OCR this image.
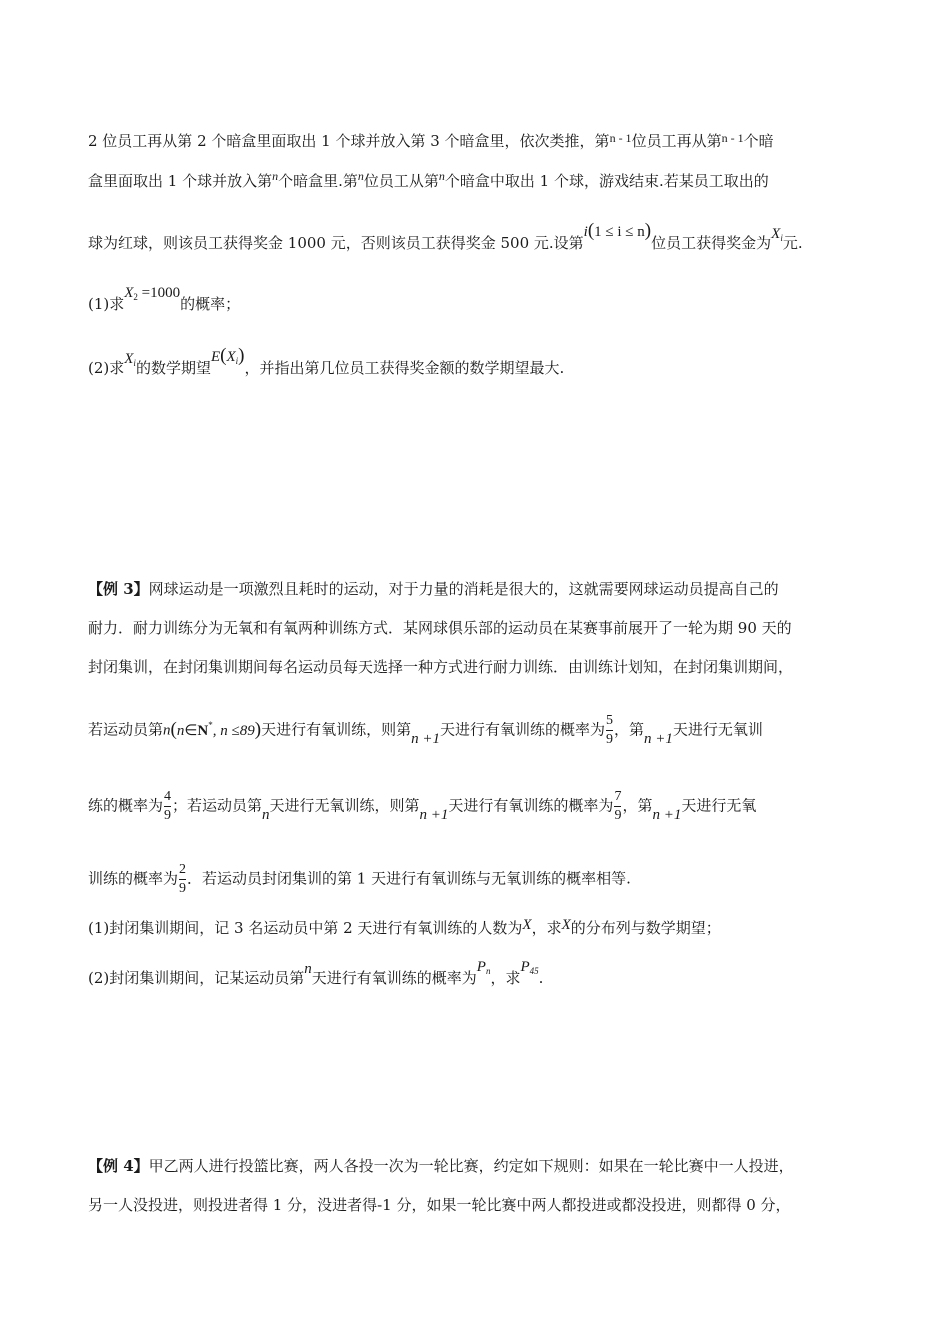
2 位员工再从第 2 个暗盒里面取出 1 个球并放入第 3 个暗盒里，依次类推，第$^{n - 1}$位员工再从第$^{n - 1}$个暗
盒里面取出 1 个球并放入第$^n$个暗盒里.第$^n$位员工从第$^n$个暗盒中取出 1 个球，游戏结束.若某员工取出的
球为红球，则该员工获得奖金 1000 元，否则该员工获得奖金 500 元.设第i(1 ≤ i ≤ n)位员工获得奖金为$X_i$元.
(1)求$X_2 =1000$的概率；
(2)求$X_i$的数学期望$E(X_i)$，并指出第几位员工获得奖金额的数学期望最大.
【例 3】网球运动是一项激烈且耗时的运动，对于力量的消耗是很大的，这就需要网球运动员提高自己的
耐力．耐力训练分为无氧和有氧两种训练方式．某网球俱乐部的运动员在某赛事前展开了一轮为期 90 天的
封闭集训，在封闭集训期间每名运动员每天选择一种方式进行耐力训练．由训练计划知，在封闭集训期间，
若运动员第n(n∈N*, n ≤89)天进行有氧训练，则第n +1天进行有氧训练的概率为 $\frac{5}{9}$ ，第n +1天进行无氧训
练的概率为 $\frac{4}{9}$ ；若运动员第n天进行无氧训练，则第n +1天进行有氧训练的概率为 $\frac{7}{9}$ ，第n +1天进行无氧
训练的概率为 $\frac{2}{9}$ ．若运动员封闭集训的第 1 天进行有氧训练与无氧训练的概率相等.
(1)封闭集训期间，记 3 名运动员中第 2 天进行有氧训练的人数为X，求X的分布列与数学期望；
(2)封闭集训期间，记某运动员第n天进行有氧训练的概率为$P_n$，求$P_{45}$.
【例 4】甲乙两人进行投篮比赛，两人各投一次为一轮比赛，约定如下规则：如果在一轮比赛中一人投进，
另一人没投进，则投进者得 1 分，没进者得-1 分，如果一轮比赛中两人都投进或都没投进，则都得 0 分，
